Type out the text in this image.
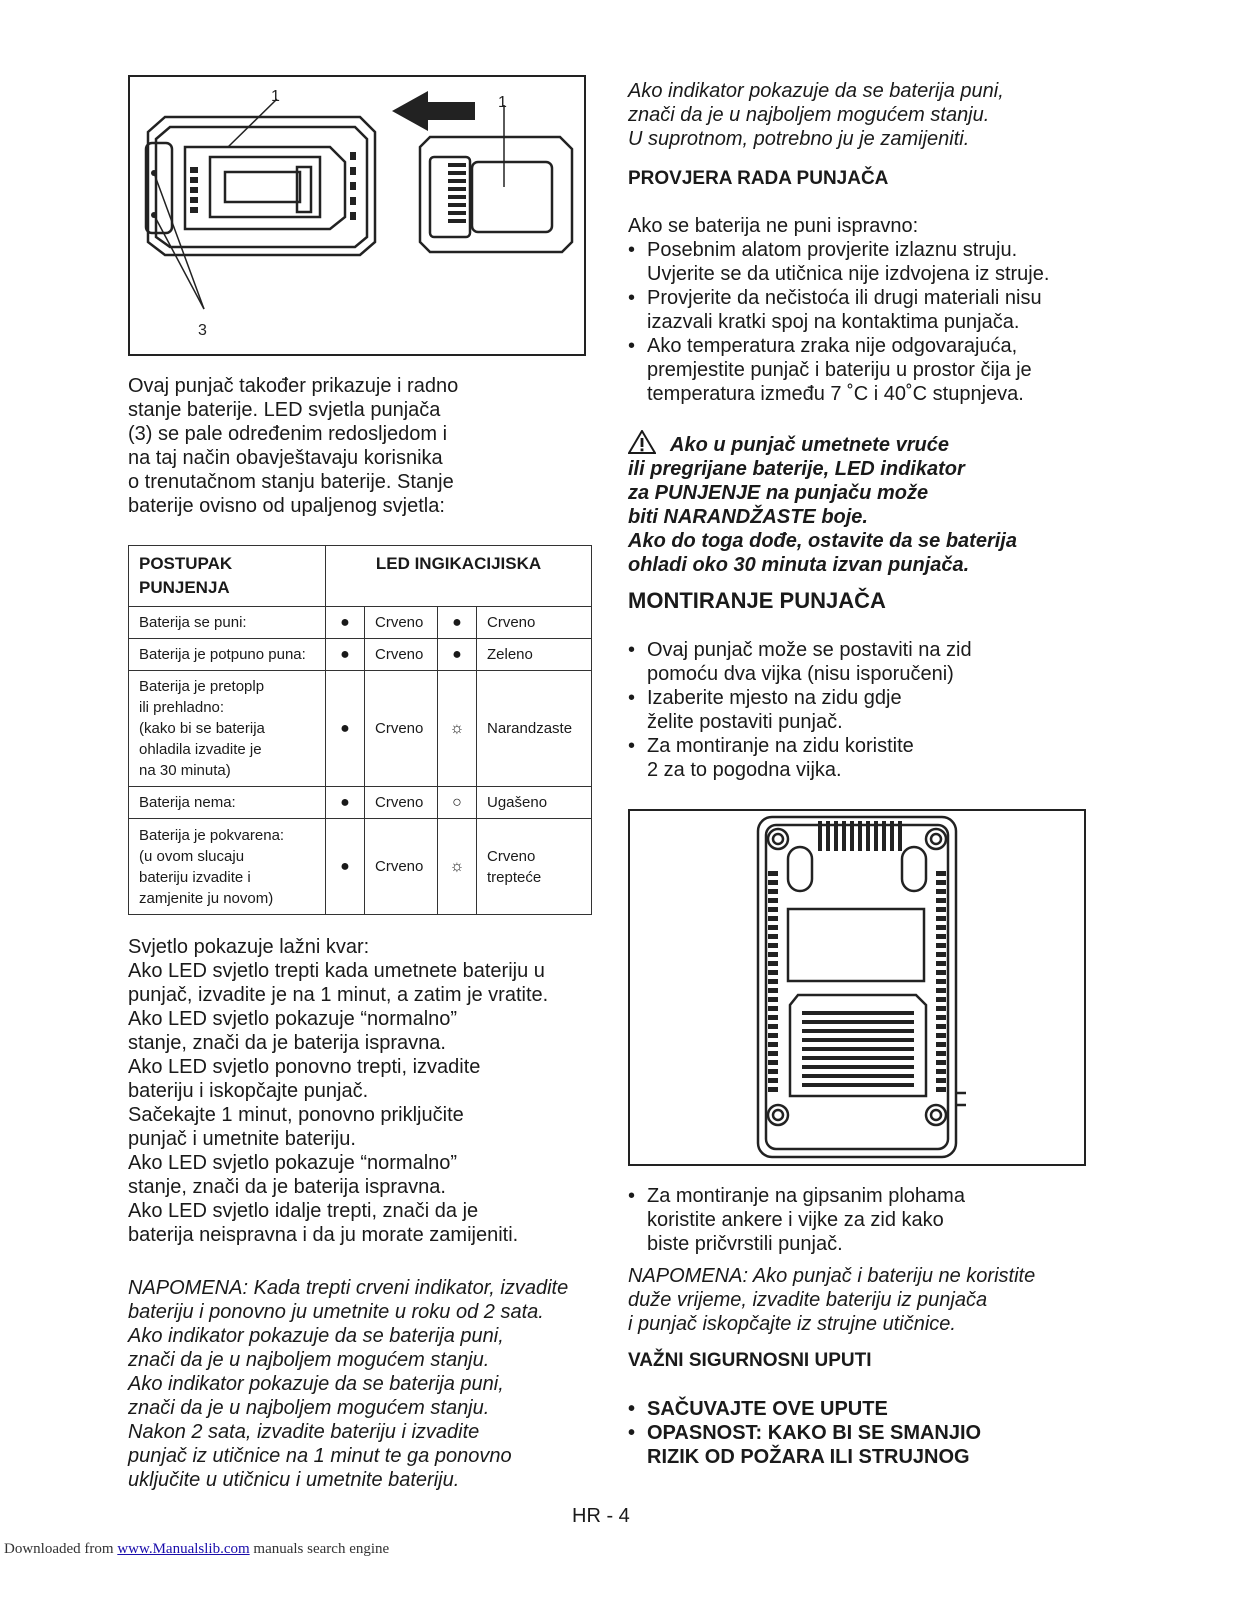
1
3
1
Ovaj punjač također prikazuje i radno
stanje baterije. LED svjetla punjača
(3) se pale određenim redosljedom i
na taj način obavještavaju korisnika
o trenutačnom stanju baterije. Stanje
baterije ovisno od upaljenog svjetla:
POSTUPAK
PUNJENJA	LED INGIKACIJISKA			

Baterija se puni:	●	Crveno	●	Crveno

Baterija je potpuno puna:	●	Crveno	●	Zeleno

Baterija je pretoplp
ili prehladno:
(kako bi se baterija
ohladila izvadite je
na 30 minuta)	●	Crveno	☼	Narandzaste

Baterija nema:	●	Crveno	○	Ugašeno

Baterija je pokvarena:
(u ovom slucaju
bateriju izvadite i
zamjenite ju novom)	●	Crveno	☼	Crveno
trepteće
Svjetlo pokazuje lažni kvar:
Ako LED svjetlo trepti kada umetnete bateriju u
punjač, izvadite je na 1 minut, a zatim je vratite.
Ako LED svjetlo pokazuje “normalno”
stanje, znači da je baterija ispravna.
Ako LED svjetlo ponovno trepti, izvadite
bateriju i iskopčajte punjač.
Sačekajte 1 minut, ponovno priključite
punjač i umetnite bateriju.
Ako LED svjetlo pokazuje “normalno”
stanje, znači da je baterija ispravna.
Ako LED svjetlo idalje trepti, znači da je
baterija neispravna i da ju morate zamijeniti.
NAPOMENA: Kada trepti crveni indikator, izvadite
bateriju i ponovno ju umetnite u roku od 2 sata.
Ako indikator pokazuje da se baterija puni,
znači da je u najboljem mogućem stanju.
Ako indikator pokazuje da se baterija puni,
znači da je u najboljem mogućem stanju.
Nakon 2 sata, izvadite bateriju i izvadite
punjač iz utičnice na 1 minut te ga ponovno
uključite u utičnicu i umetnite bateriju.
Ako indikator pokazuje da se baterija puni,
znači da je u najboljem mogućem stanju.
U suprotnom, potrebno ju je zamijeniti.
PROVJERA RADA PUNJAČA
Ako se baterija ne puni ispravno:
• Posebnim alatom provjerite izlaznu struju.
Uvjerite se da utičnica nije izdvojena iz struje.
• Provjerite da nečistoća ili drugi materiali nisu
izazvali kratki spoj na kontaktima punjača.
• Ako temperatura zraka nije odgovarajuća,
premjestite punjač i bateriju u prostor čija je
temperatura između 7 ˚C i 40˚C stupnjeva.
Ako u punjač umetnete vruće
ili pregrijane baterije, LED indikator
za PUNJENJE na punjaču može
biti NARANDŽASTE boje.
Ako do toga dođe, ostavite da se baterija
ohladi oko 30 minuta izvan punjača.
MONTIRANJE PUNJAČA
• Ovaj punjač može se postaviti na zid
pomoću dva vijka (nisu isporučeni)
• Izaberite mjesto na zidu gdje
želite postaviti punjač.
• Za montiranje na zidu koristite
2 za to pogodna vijka.
• Za montiranje na gipsanim plohama
koristite ankere i vijke za zid kako
biste pričvrstili punjač.
NAPOMENA: Ako punjač i bateriju ne koristite
duže vrijeme, izvadite bateriju iz punjača
i punjač iskopčajte iz strujne utičnice.
VAŽNI SIGURNOSNI UPUTI
• SAČUVAJTE OVE UPUTE
• OPASNOST: KAKO BI SE SMANJIO
RIZIK OD POŽARA ILI STRUJNOG
HR - 4
Downloaded from www.Manualslib.com manuals search engine
